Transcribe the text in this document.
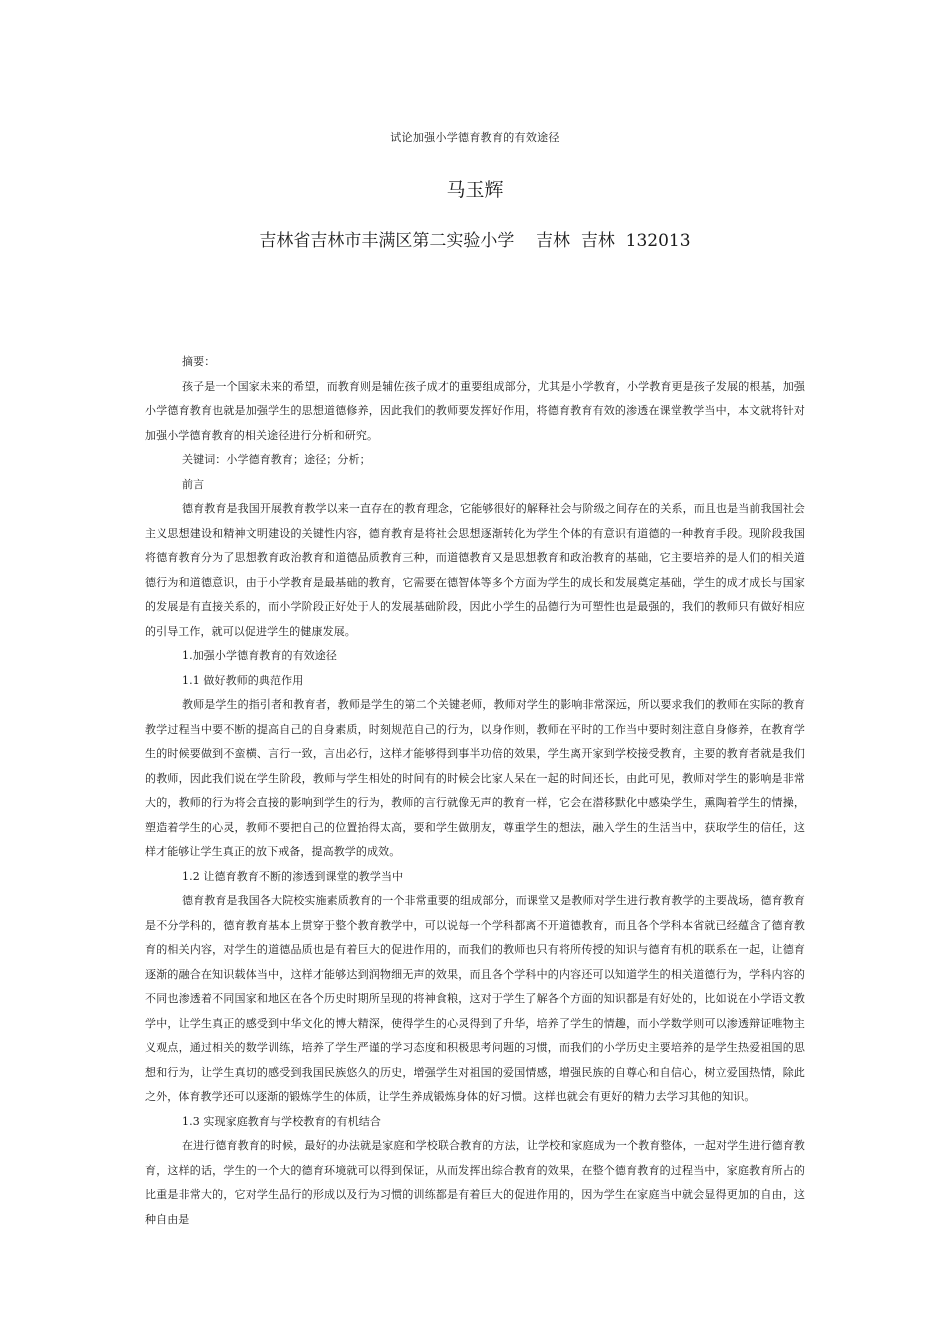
试论加强小学德育教育的有效途径
马玉辉
吉林省吉林市丰满区第二实验小学    吉林  吉林  132013

摘要：

孩子是一个国家未来的希望，而教育则是辅佐孩子成才的重要组成部分，尤其是小学教育，小学教育更是孩子发展的根基，加强小学德育教育也就是加强学生的思想道德修养，因此我们的教师要发挥好作用，将德育教育有效的渗透在课堂教学当中，本文就将针对加强小学德育教育的相关途径进行分析和研究。

关键词：小学德育教育；途径；分析；

前言

德育教育是我国开展教育教学以来一直存在的教育理念，它能够很好的解释社会与阶级之间存在的关系，而且也是当前我国社会主义思想建设和精神文明建设的关键性内容，德育教育是将社会思想逐渐转化为学生个体的有意识有道德的一种教育手段。现阶段我国将德育教育分为了思想教育政治教育和道德品质教育三种，而道德教育又是思想教育和政治教育的基础，它主要培养的是人们的相关道德行为和道德意识，由于小学教育是最基础的教育，它需要在德智体等多个方面为学生的成长和发展奠定基础，学生的成才成长与国家的发展是有直接关系的，而小学阶段正好处于人的发展基础阶段，因此小学生的品德行为可塑性也是最强的，我们的教师只有做好相应的引导工作，就可以促进学生的健康发展。

1.加强小学德育教育的有效途径

1.1 做好教师的典范作用

教师是学生的指引者和教育者，教师是学生的第二个关键老师，教师对学生的影响非常深远，所以要求我们的教师在实际的教育教学过程当中要不断的提高自己的自身素质，时刻规范自己的行为，以身作则，教师在平时的工作当中要时刻注意自身修养，在教育学生的时候要做到不蛮横、言行一致，言出必行，这样才能够得到事半功倍的效果，学生离开家到学校接受教育，主要的教育者就是我们的教师，因此我们说在学生阶段，教师与学生相处的时间有的时候会比家人呆在一起的时间还长，由此可见，教师对学生的影响是非常大的，教师的行为将会直接的影响到学生的行为，教师的言行就像无声的教育一样，它会在潜移默化中感染学生，熏陶着学生的情操，塑造着学生的心灵，教师不要把自己的位置抬得太高，要和学生做朋友，尊重学生的想法，融入学生的生活当中，获取学生的信任，这样才能够让学生真正的放下戒备，提高教学的成效。

1.2 让德育教育不断的渗透到课堂的教学当中

德育教育是我国各大院校实施素质教育的一个非常重要的组成部分，而课堂又是教师对学生进行教育教学的主要战场，德育教育是不分学科的，德育教育基本上贯穿于整个教育教学中，可以说每一个学科都离不开道德教育，而且各个学科本省就已经蕴含了德育教育的相关内容，对学生的道德品质也是有着巨大的促进作用的，而我们的教师也只有将所传授的知识与德育有机的联系在一起，让德育逐渐的融合在知识载体当中，这样才能够达到润物细无声的效果，而且各个学科中的内容还可以知道学生的相关道德行为，学科内容的不同也渗透着不同国家和地区在各个历史时期所呈现的将神食粮，这对于学生了解各个方面的知识都是有好处的，比如说在小学语文教学中，让学生真正的感受到中华文化的博大精深，使得学生的心灵得到了升华，培养了学生的情趣，而小学数学则可以渗透辩证唯物主义观点，通过相关的数学训练，培养了学生严谨的学习态度和积极思考问题的习惯，而我们的小学历史主要培养的是学生热爱祖国的思想和行为，让学生真切的感受到我国民族悠久的历史，增强学生对祖国的爱国情感，增强民族的自尊心和自信心，树立爱国热情，除此之外，体育教学还可以逐渐的锻炼学生的体质，让学生养成锻炼身体的好习惯。这样也就会有更好的精力去学习其他的知识。

1.3 实现家庭教育与学校教育的有机结合

在进行德育教育的时候，最好的办法就是家庭和学校联合教育的方法，让学校和家庭成为一个教育整体，一起对学生进行德育教育，这样的话，学生的一个大的德育环境就可以得到保证，从而发挥出综合教育的效果，在整个德育教育的过程当中，家庭教育所占的比重是非常大的，它对学生品行的形成以及行为习惯的训练都是有着巨大的促进作用的，因为学生在家庭当中就会显得更加的自由，这种自由是
